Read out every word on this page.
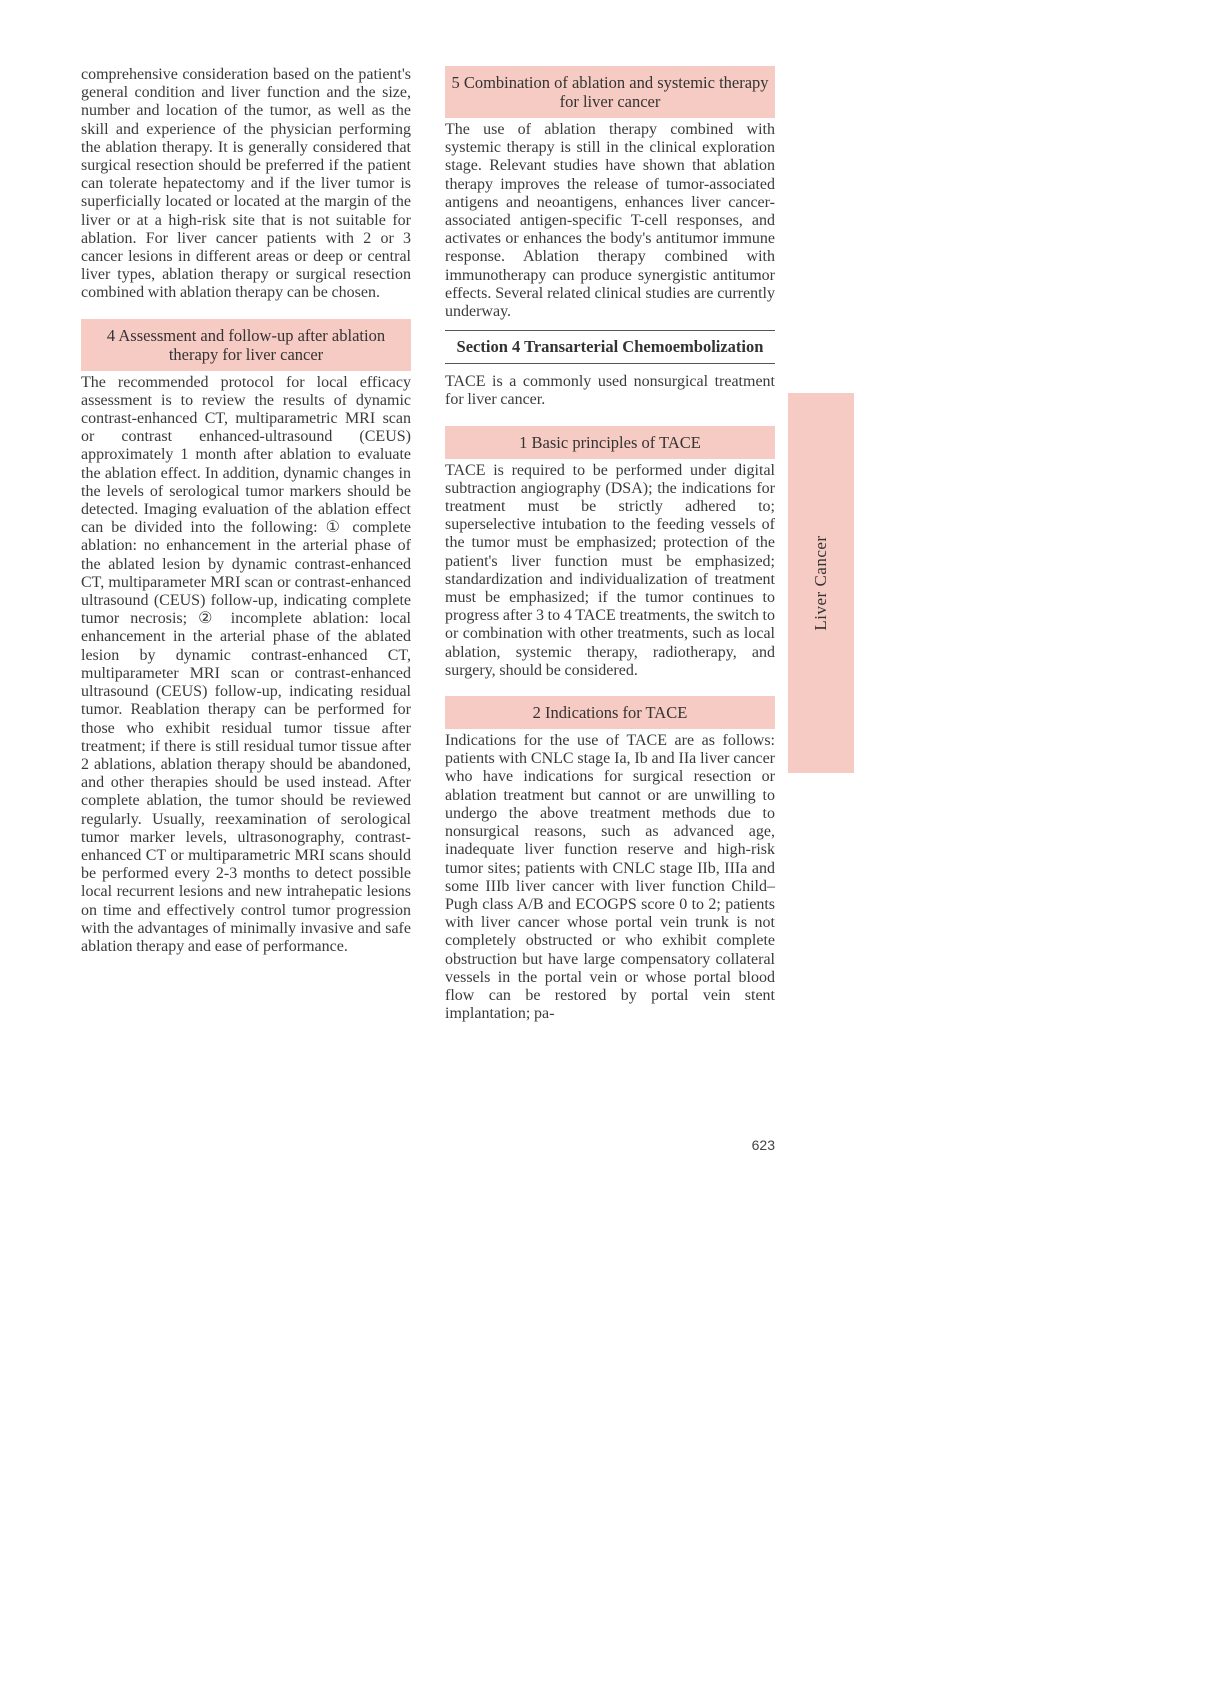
comprehensive consideration based on the patient's general condition and liver function and the size, number and location of the tumor, as well as the skill and experience of the physician performing the ablation therapy. It is generally considered that surgical resection should be preferred if the patient can tolerate hepatectomy and if the liver tumor is superficially located or located at the margin of the liver or at a high-risk site that is not suitable for ablation. For liver cancer patients with 2 or 3 cancer lesions in different areas or deep or central liver types, ablation therapy or surgical resection combined with ablation therapy can be chosen.

4 Assessment and follow-up after ablation therapy for liver cancer

The recommended protocol for local efficacy assessment is to review the results of dynamic contrast-enhanced CT, multiparametric MRI scan or contrast enhanced-ultrasound (CEUS) approximately 1 month after ablation to evaluate the ablation effect. In addition, dynamic changes in the levels of serological tumor markers should be detected. Imaging evaluation of the ablation effect can be divided into the following: ① complete ablation: no enhancement in the arterial phase of the ablated lesion by dynamic contrast-enhanced CT, multiparameter MRI scan or contrast-enhanced ultrasound (CEUS) follow-up, indicating complete tumor necrosis; ② incomplete ablation: local enhancement in the arterial phase of the ablated lesion by dynamic contrast-enhanced CT, multiparameter MRI scan or contrast-enhanced ultrasound (CEUS) follow-up, indicating residual tumor. Reablation therapy can be performed for those who exhibit residual tumor tissue after treatment; if there is still residual tumor tissue after 2 ablations, ablation therapy should be abandoned, and other therapies should be used instead. After complete ablation, the tumor should be reviewed regularly. Usually, reexamination of serological tumor marker levels, ultrasonography, contrast-enhanced CT or multiparametric MRI scans should be performed every 2-3 months to detect possible local recurrent lesions and new intrahepatic lesions on time and effectively control tumor progression with the advantages of minimally invasive and safe ablation therapy and ease of performance.

5 Combination of ablation and systemic therapy for liver cancer

The use of ablation therapy combined with systemic therapy is still in the clinical exploration stage. Relevant studies have shown that ablation therapy improves the release of tumor-associated antigens and neoantigens, enhances liver cancer-associated antigen-specific T-cell responses, and activates or enhances the body's antitumor immune response. Ablation therapy combined with immunotherapy can produce synergistic antitumor effects. Several related clinical studies are currently underway.

Section 4 Transarterial Chemoembolization

TACE is a commonly used nonsurgical treatment for liver cancer.

1 Basic principles of TACE

TACE is required to be performed under digital subtraction angiography (DSA); the indications for treatment must be strictly adhered to; superselective intubation to the feeding vessels of the tumor must be emphasized; protection of the patient's liver function must be emphasized; standardization and individualization of treatment must be emphasized; if the tumor continues to progress after 3 to 4 TACE treatments, the switch to or combination with other treatments, such as local ablation, systemic therapy, radiotherapy, and surgery, should be considered.

2 Indications for TACE

Indications for the use of TACE are as follows: patients with CNLC stage Ia, Ib and IIa liver cancer who have indications for surgical resection or ablation treatment but cannot or are unwilling to undergo the above treatment methods due to nonsurgical reasons, such as advanced age, inadequate liver function reserve and high-risk tumor sites; patients with CNLC stage IIb, IIIa and some IIIb liver cancer with liver function Child–Pugh class A/B and ECOGPS score 0 to 2; patients with liver cancer whose portal vein trunk is not completely obstructed or who exhibit complete obstruction but have large compensatory collateral vessels in the portal vein or whose portal blood flow can be restored by portal vein stent implantation; pa-

Liver Cancer
623
